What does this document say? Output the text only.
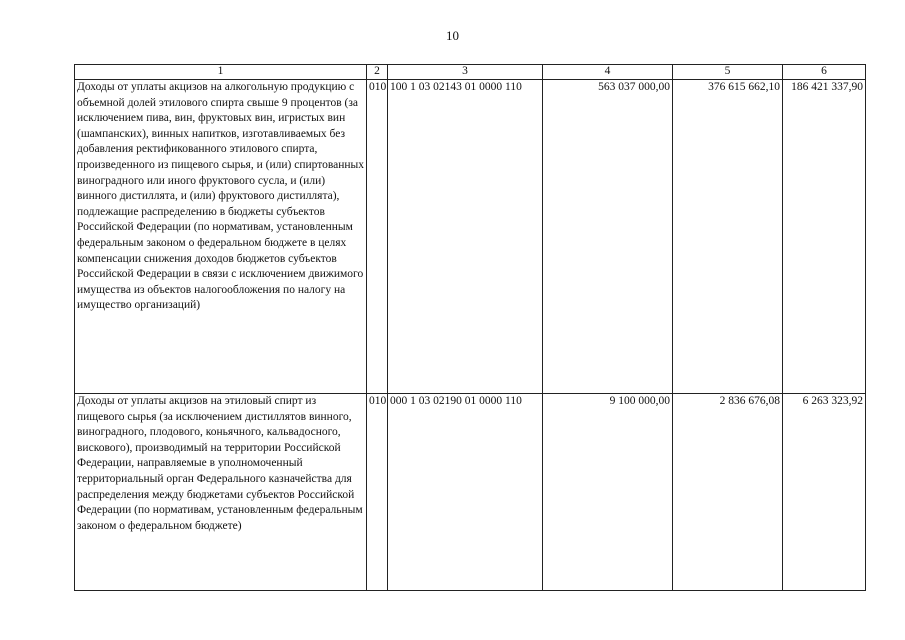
10
1	2	3	4	5	6

Доходы от уплаты акцизов на алкогольную продукцию с объемной долей этилового спирта свыше 9 процентов (за исключением пива, вин, фруктовых вин, игристых вин (шампанских), винных напитков, изготавливаемых без добавления ректификованного этилового спирта, произведенного из пищевого сырья, и (или) спиртованных виноградного или иного фруктового сусла, и (или) винного дистиллята, и (или) фруктового дистиллята), подлежащие распределению в бюджеты субъектов Российской Федерации (по нормативам, установленным федеральным законом о федеральном бюджете в целях компенсации снижения доходов бюджетов субъектов Российской Федерации в связи с исключением движимого имущества из объектов налогообложения по налогу на имущество организаций)	010	100 1 03 02143 01 0000 110	563 037 000,00	376 615 662,10	186 421 337,90

Доходы от уплаты акцизов на этиловый спирт из пищевого сырья (за исключением дистиллятов винного, виноградного, плодового, коньячного, кальвадосного, вискового), производимый на территории Российской Федерации, направляемые в уполномоченный территориальный орган Федерального казначейства для распределения между бюджетами субъектов Российской Федерации (по нормативам, установленным федеральным законом о федеральном бюджете)	010	000 1 03 02190 01 0000 110	9 100 000,00	2 836 676,08	6 263 323,92
